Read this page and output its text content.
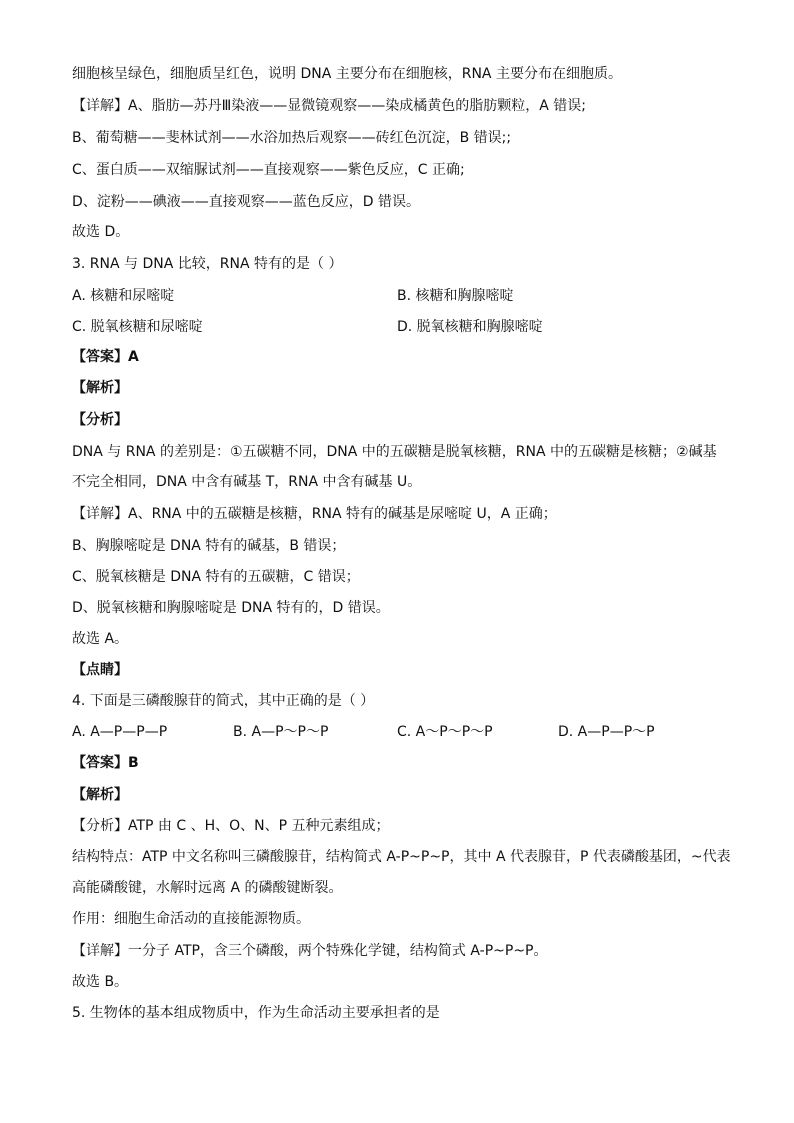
细胞核呈绿色，细胞质呈红色，说明 DNA 主要分布在细胞核，RNA 主要分布在细胞质。
【详解】A、脂肪—苏丹Ⅲ染液——显微镜观察——染成橘黄色的脂肪颗粒，A 错误;
B、葡萄糖——斐林试剂——水浴加热后观察——砖红色沉淀，B 错误;;
C、蛋白质——双缩脲试剂——直接观察——紫色反应，C 正确;
D、淀粉——碘液——直接观察——蓝色反应，D 错误。
故选 D。
3. RNA 与 DNA 比较，RNA 特有的是（ ）
A. 核糖和尿嘧啶	B. 核糖和胸腺嘧啶
C. 脱氧核糖和尿嘧啶	D. 脱氧核糖和胸腺嘧啶
【答案】A
【解析】
【分析】
DNA 与 RNA 的差别是：①五碳糖不同，DNA 中的五碳糖是脱氧核糖，RNA 中的五碳糖是核糖；②碱基
不完全相同，DNA 中含有碱基 T，RNA 中含有碱基 U。
【详解】A、RNA 中的五碳糖是核糖，RNA 特有的碱基是尿嘧啶 U，A 正确；
B、胸腺嘧啶是 DNA 特有的碱基，B 错误；
C、脱氧核糖是 DNA 特有的五碳糖，C 错误；
D、脱氧核糖和胸腺嘧啶是 DNA 特有的，D 错误。
故选 A。
【点睛】
4. 下面是三磷酸腺苷的简式，其中正确的是（ ）
A. A—P—P—P	B. A—P～P～P	C. A～P～P～P	D. A—P—P～P
【答案】B
【解析】
【分析】ATP 由 C 、H、O、N、P 五种元素组成；
结构特点：ATP 中文名称叫三磷酸腺苷，结构简式 A-P~P~P，其中 A 代表腺苷，P 代表磷酸基团，~代表
高能磷酸键，水解时远离 A 的磷酸键断裂。
作用：细胞生命活动的直接能源物质。
【详解】一分子 ATP，含三个磷酸，两个特殊化学键，结构简式 A-P~P~P。
故选 B。
5. 生物体的基本组成物质中，作为生命活动主要承担者的是
